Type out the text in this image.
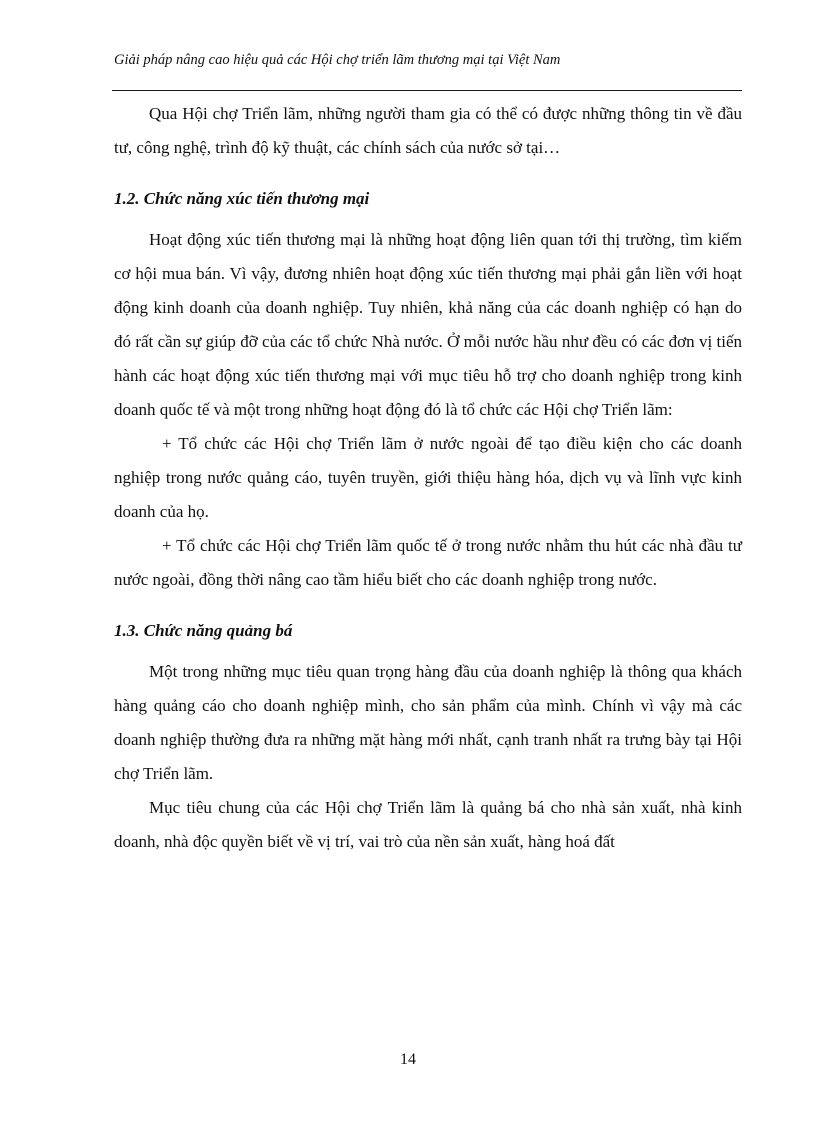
Giải pháp nâng cao hiệu quả các Hội chợ triển lãm thương mại tại Việt Nam

Qua Hội chợ Triển lãm, những người tham gia có thể có được những thông tin về đầu tư, công nghệ, trình độ kỹ thuật, các chính sách của nước sở tại…

1.2. Chức năng xúc tiến thương mại

Hoạt động xúc tiến thương mại là những hoạt động liên quan tới thị trường, tìm kiếm cơ hội mua bán. Vì vậy, đương nhiên hoạt động xúc tiến thương mại phải gắn liền với hoạt động kinh doanh của doanh nghiệp. Tuy nhiên, khả năng của các doanh nghiệp có hạn do đó rất cần sự giúp đỡ của các tổ chức Nhà nước. Ở mỗi nước hầu như đều có các đơn vị tiến hành các hoạt động xúc tiến thương mại với mục tiêu hỗ trợ cho doanh nghiệp trong kinh doanh quốc tế và một trong những hoạt động đó là tổ chức các Hội chợ Triển lãm:

+ Tổ chức các Hội chợ Triển lãm ở nước ngoài để tạo điều kiện cho các doanh nghiệp trong nước quảng cáo, tuyên truyền, giới thiệu hàng hóa, dịch vụ và lĩnh vực kinh doanh của họ.

+ Tổ chức các Hội chợ Triển lãm quốc tế ở trong nước nhằm thu hút các nhà đầu tư nước ngoài, đồng thời nâng cao tầm hiểu biết cho các doanh nghiệp trong nước.

1.3. Chức năng quảng bá

Một trong những mục tiêu quan trọng hàng đầu của doanh nghiệp là thông qua khách hàng quảng cáo cho doanh nghiệp mình, cho sản phẩm của mình. Chính vì vậy mà các doanh nghiệp thường đưa ra những mặt hàng mới nhất, cạnh tranh nhất ra trưng bày tại Hội chợ Triển lãm.

Mục tiêu chung của các Hội chợ Triển lãm là quảng bá cho nhà sản xuất, nhà kinh doanh, nhà độc quyền biết về vị trí, vai trò của nền sản xuất, hàng hoá đất

14
